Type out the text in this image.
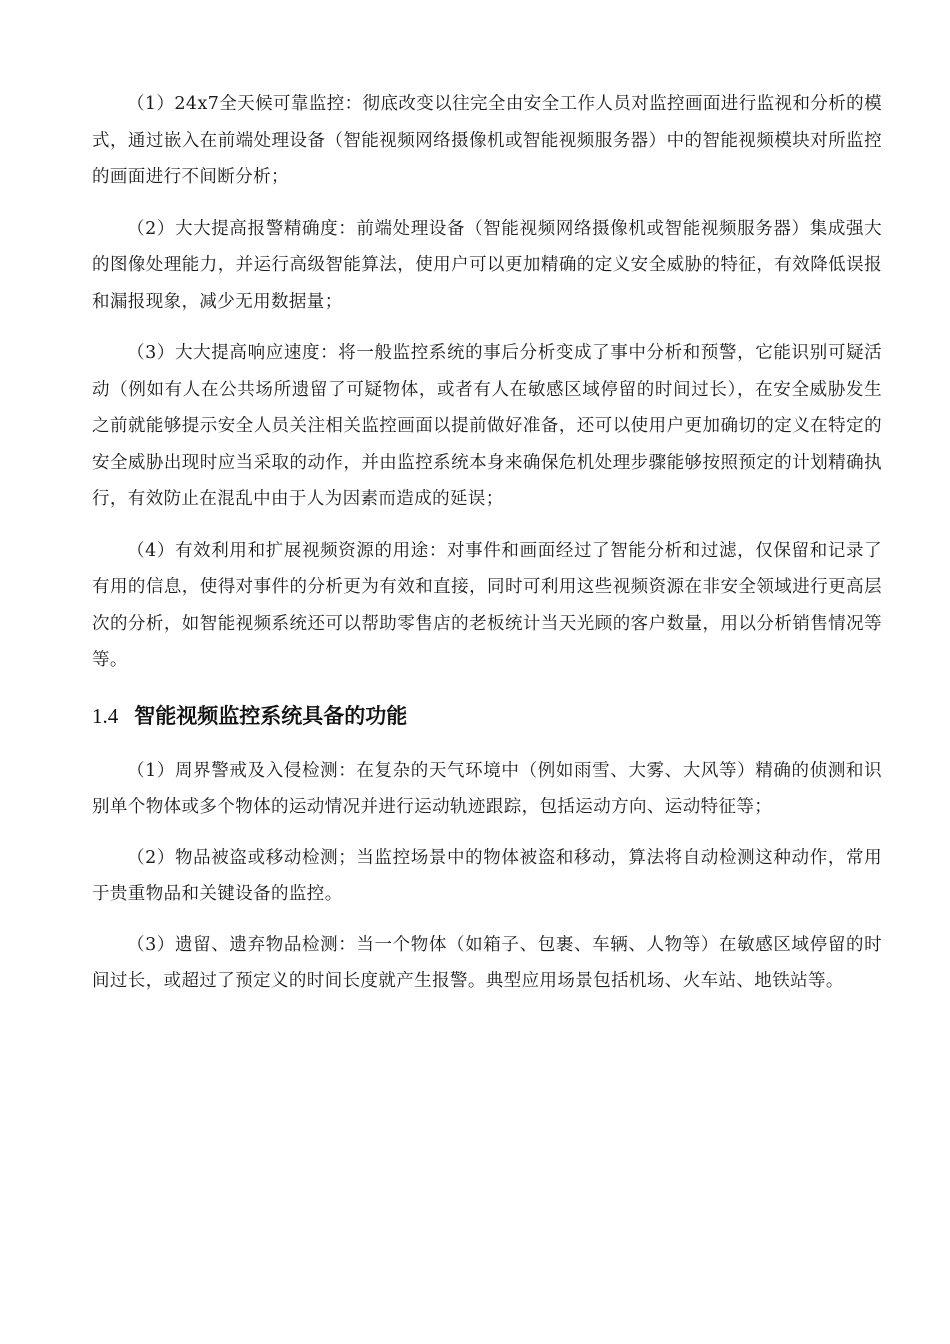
（1）24x7全天候可靠监控：彻底改变以往完全由安全工作人员对监控画面进行监视和分析的模式，通过嵌入在前端处理设备（智能视频网络摄像机或智能视频服务器）中的智能视频模块对所监控的画面进行不间断分析；

（2）大大提高报警精确度：前端处理设备（智能视频网络摄像机或智能视频服务器）集成强大的图像处理能力，并运行高级智能算法，使用户可以更加精确的定义安全威胁的特征，有效降低误报和漏报现象，减少无用数据量；

（3）大大提高响应速度：将一般监控系统的事后分析变成了事中分析和预警，它能识别可疑活动（例如有人在公共场所遗留了可疑物体，或者有人在敏感区域停留的时间过长），在安全威胁发生之前就能够提示安全人员关注相关监控画面以提前做好准备，还可以使用户更加确切的定义在特定的安全威胁出现时应当采取的动作，并由监控系统本身来确保危机处理步骤能够按照预定的计划精确执行，有效防止在混乱中由于人为因素而造成的延误；

（4）有效利用和扩展视频资源的用途：对事件和画面经过了智能分析和过滤，仅保留和记录了有用的信息，使得对事件的分析更为有效和直接，同时可利用这些视频资源在非安全领域进行更高层次的分析，如智能视频系统还可以帮助零售店的老板统计当天光顾的客户数量，用以分析销售情况等等。

1.4 智能视频监控系统具备的功能

（1）周界警戒及入侵检测：在复杂的天气环境中（例如雨雪、大雾、大风等）精确的侦测和识别单个物体或多个物体的运动情况并进行运动轨迹跟踪，包括运动方向、运动特征等；

（2）物品被盗或移动检测；当监控场景中的物体被盗和移动，算法将自动检测这种动作，常用于贵重物品和关键设备的监控。

（3）遗留、遗弃物品检测：当一个物体（如箱子、包裹、车辆、人物等）在敏感区域停留的时间过长，或超过了预定义的时间长度就产生报警。典型应用场景包括机场、火车站、地铁站等。
